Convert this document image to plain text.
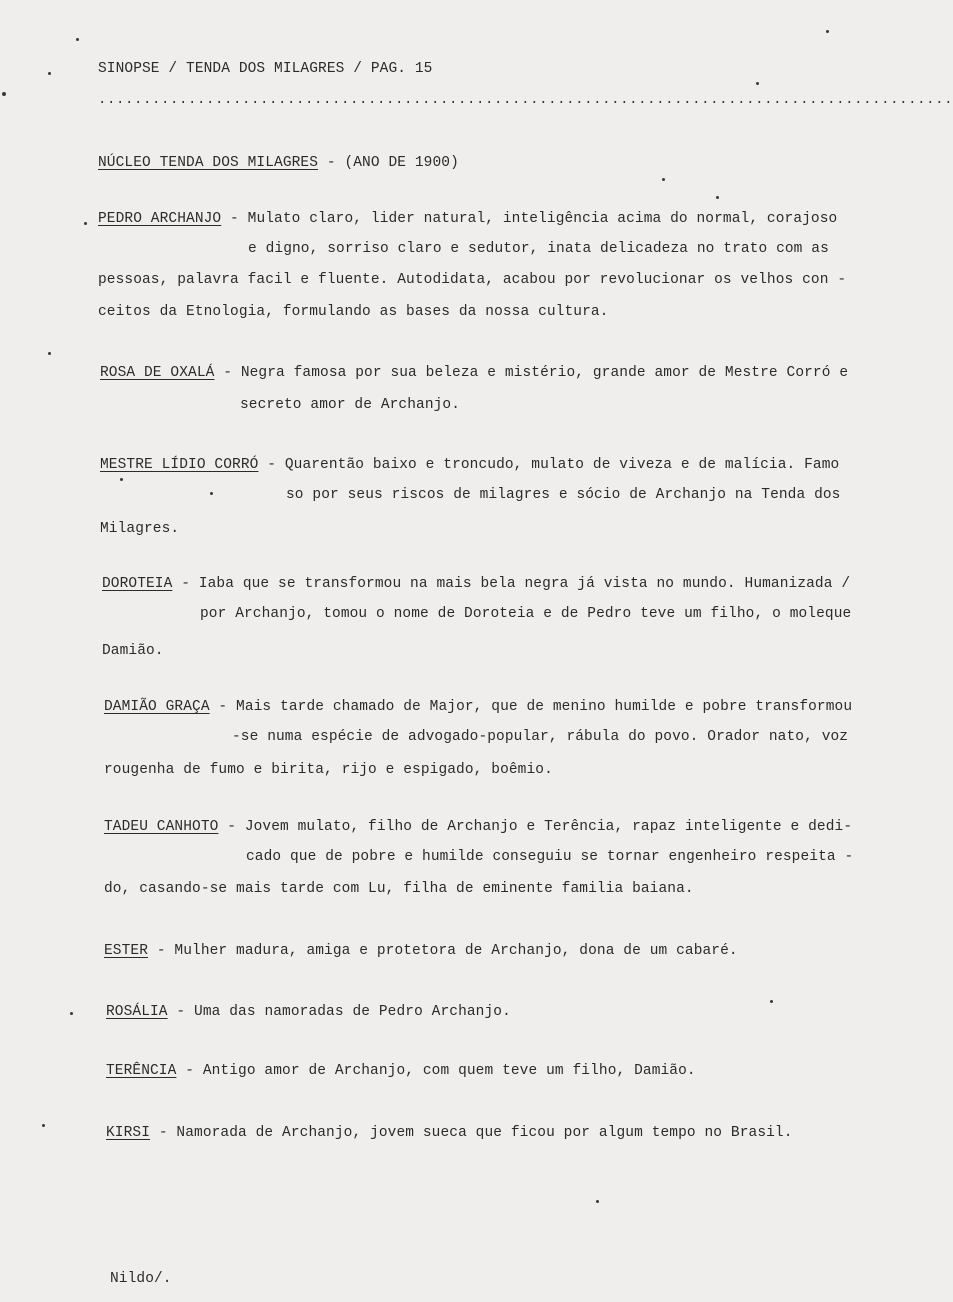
SINOPSE / TENDA DOS MILAGRES / PAG. 15
...............................................................................................
NÚCLEO TENDA DOS MILAGRES - (ANO DE 1900)
PEDRO ARCHANJO - Mulato claro, lider natural, inteligência acima do normal, corajoso
e digno, sorriso claro e sedutor, inata delicadeza no trato com as
pessoas, palavra facil e fluente. Autodidata, acabou por revolucionar os velhos con -
ceitos da Etnologia, formulando as bases da nossa cultura.
ROSA DE OXALÁ - Negra famosa por sua beleza e mistério, grande amor de Mestre Corró e
secreto amor de Archanjo.
MESTRE LÍDIO CORRÓ - Quarentão baixo e troncudo, mulato de viveza e de malícia. Famo
so por seus riscos de milagres e sócio de Archanjo na Tenda dos
Milagres.
DOROTEIA - Iaba que se transformou na mais bela negra já vista no mundo. Humanizada /
por Archanjo, tomou o nome de Doroteia e de Pedro teve um filho, o moleque
Damião.
DAMIÃO GRAÇA - Mais tarde chamado de Major, que de menino humilde e pobre transformou
-se numa espécie de advogado-popular, rábula do povo. Orador nato, voz
rougenha de fumo e birita, rijo e espigado, boêmio.
TADEU CANHOTO - Jovem mulato, filho de Archanjo e Terência, rapaz inteligente e dedi-
cado que de pobre e humilde conseguiu se tornar engenheiro respeita -
do, casando-se mais tarde com Lu, filha de eminente familia baiana.
ESTER - Mulher madura, amiga e protetora de Archanjo, dona de um cabaré.
ROSÁLIA - Uma das namoradas de Pedro Archanjo.
TERÊNCIA - Antigo amor de Archanjo, com quem teve um filho, Damião.
KIRSI - Namorada de Archanjo, jovem sueca que ficou por algum tempo no Brasil.
Nildo/.
